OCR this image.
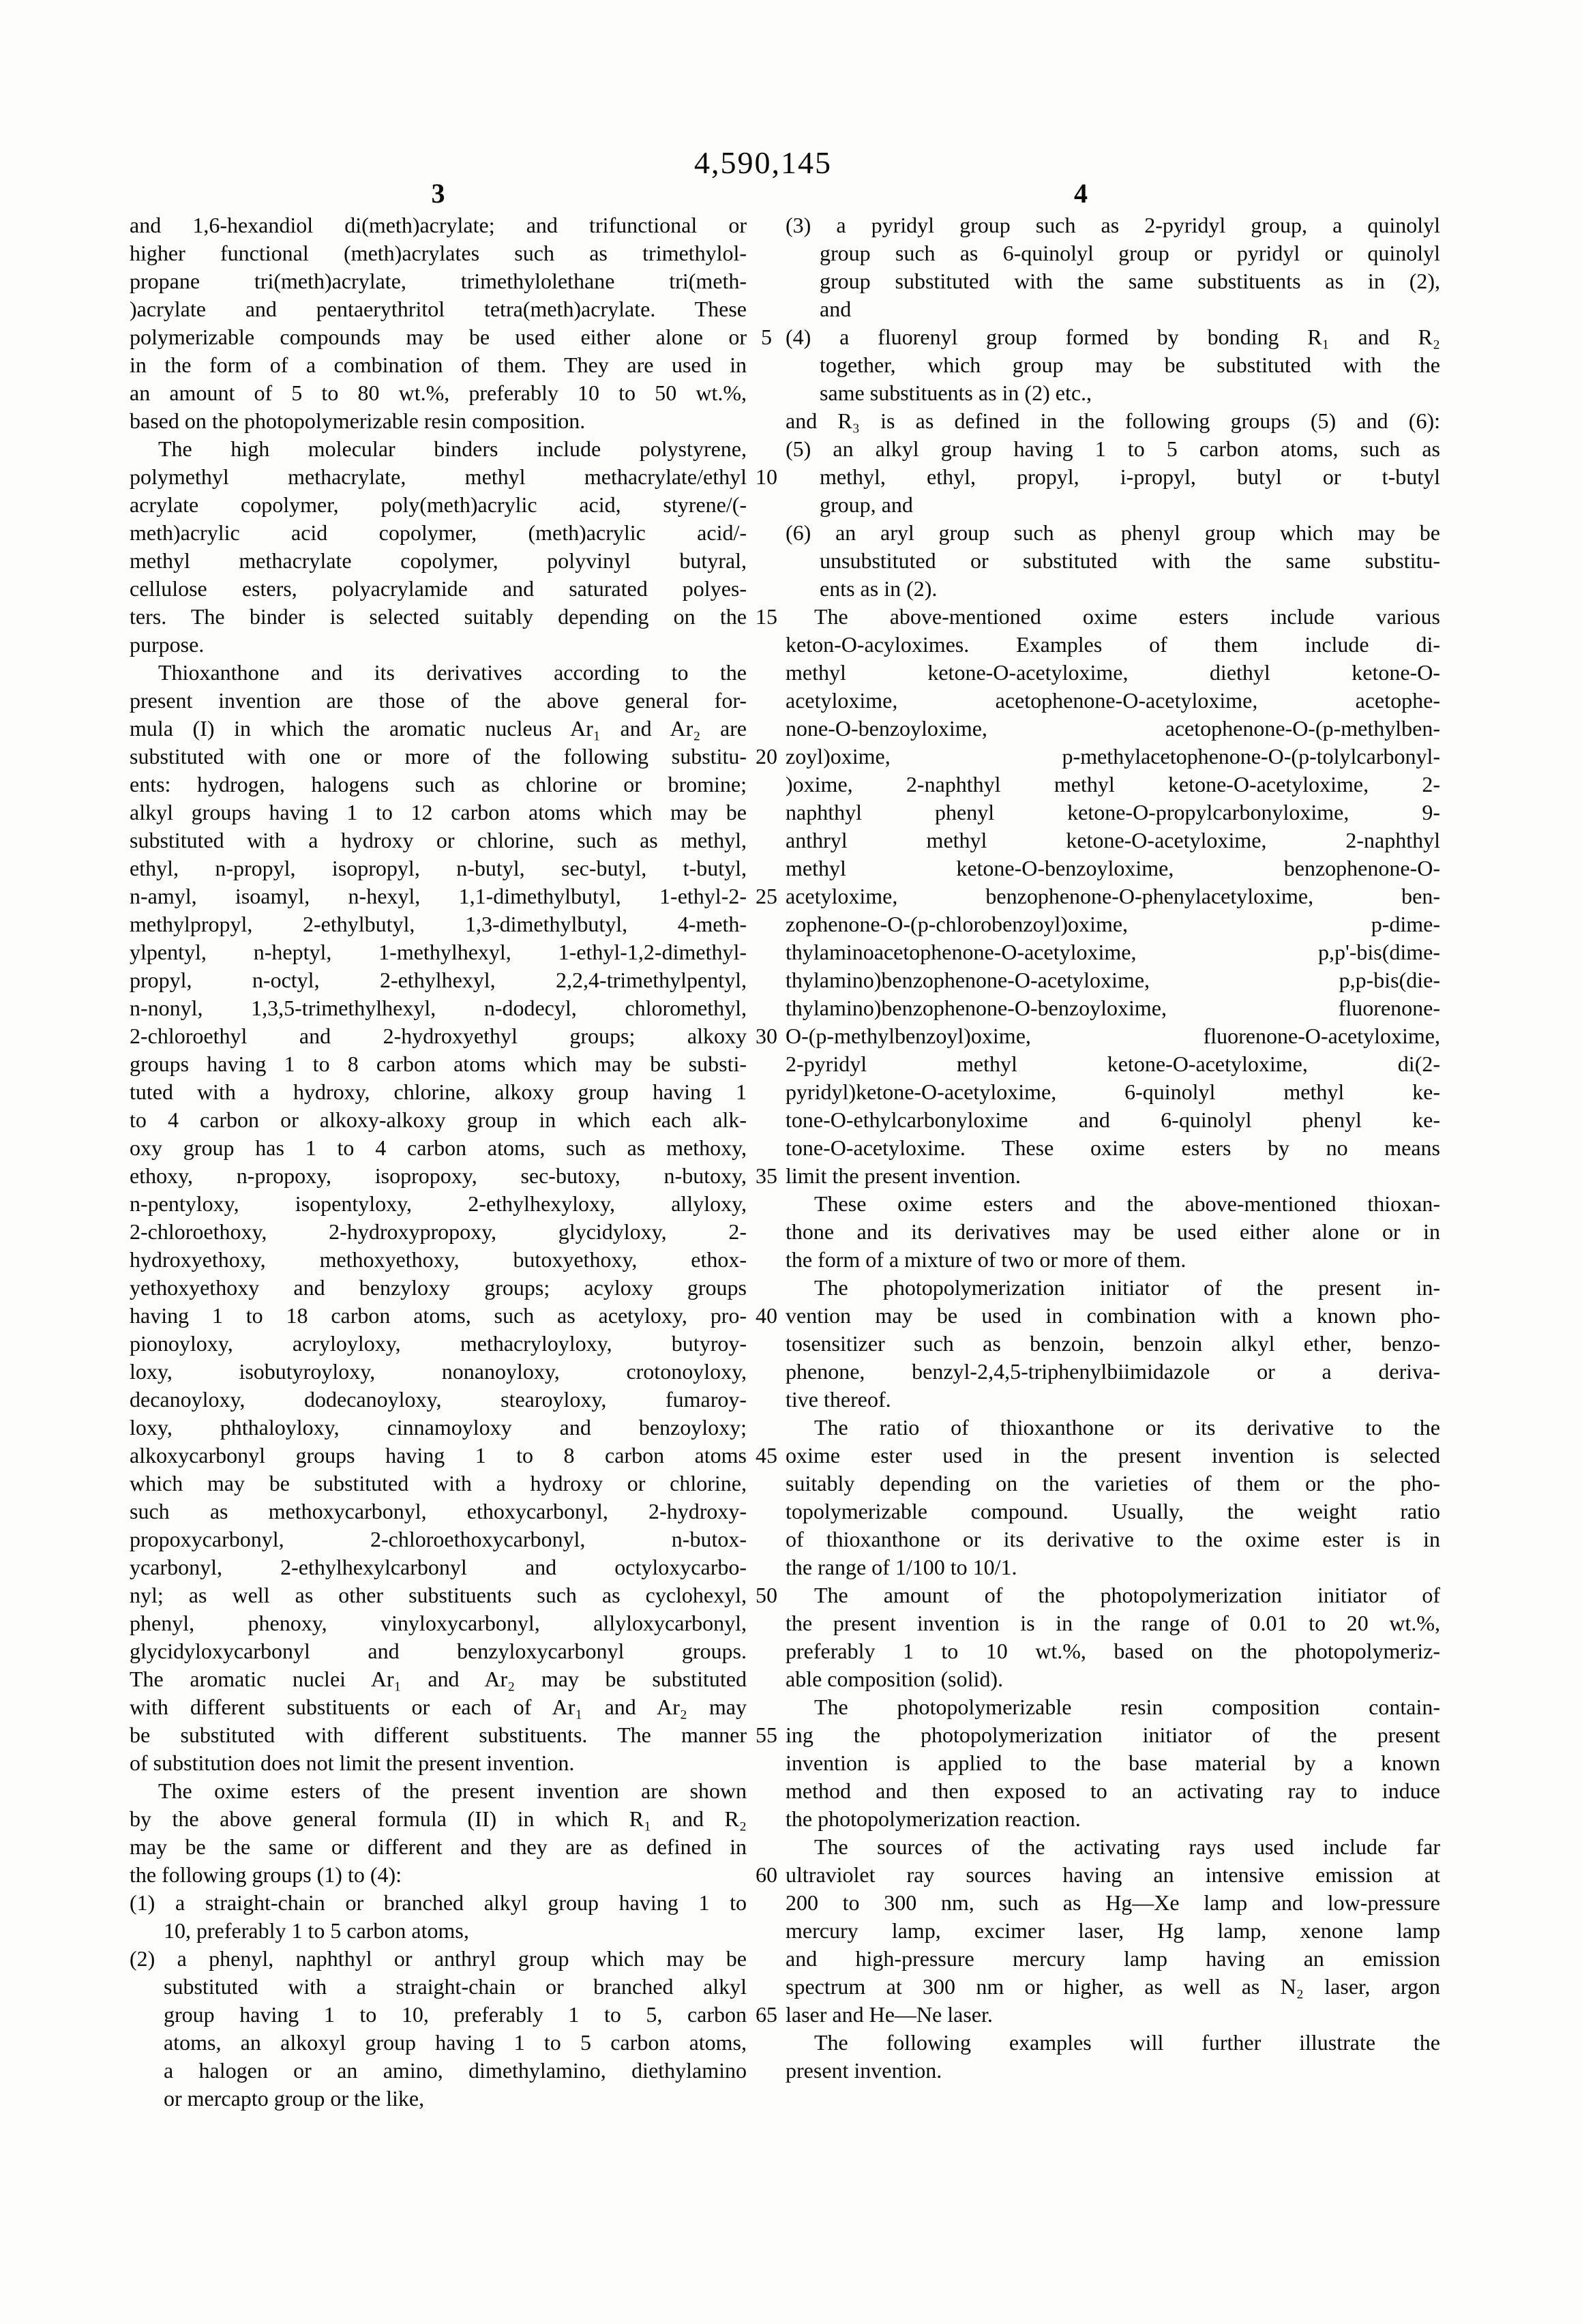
4,590,145
3	4
and 1,6-hexandiol di(meth)acrylate; and trifunctional or
higher functional (meth)acrylates such as trimethylol-
propane tri(meth)acrylate, trimethylolethane tri(meth-
)acrylate and pentaerythritol tetra(meth)acrylate. These
polymerizable compounds may be used either alone or
in the form of a combination of them. They are used in
an amount of 5 to 80 wt.%, preferably 10 to 50 wt.%,
based on the photopolymerizable resin composition.
The high molecular binders include polystyrene,
polymethyl methacrylate, methyl methacrylate/ethyl
acrylate copolymer, poly(meth)acrylic acid, styrene/(-
meth)acrylic acid copolymer, (meth)acrylic acid/-
methyl methacrylate copolymer, polyvinyl butyral,
cellulose esters, polyacrylamide and saturated polyes-
ters. The binder is selected suitably depending on the
purpose.
Thioxanthone and its derivatives according to the
present invention are those of the above general for-
mula (I) in which the aromatic nucleus Ar₁ and Ar₂ are
substituted with one or more of the following substitu-
ents: hydrogen, halogens such as chlorine or bromine;
alkyl groups having 1 to 12 carbon atoms which may be
substituted with a hydroxy or chlorine, such as methyl,
ethyl, n-propyl, isopropyl, n-butyl, sec-butyl, t-butyl,
n-amyl, isoamyl, n-hexyl, 1,1-dimethylbutyl, 1-ethyl-2-
methylpropyl, 2-ethylbutyl, 1,3-dimethylbutyl, 4-meth-
ylpentyl, n-heptyl, 1-methylhexyl, 1-ethyl-1,2-dimethyl-
propyl, n-octyl, 2-ethylhexyl, 2,2,4-trimethylpentyl,
n-nonyl, 1,3,5-trimethylhexyl, n-dodecyl, chloromethyl,
2-chloroethyl and 2-hydroxyethyl groups; alkoxy
groups having 1 to 8 carbon atoms which may be substi-
tuted with a hydroxy, chlorine, alkoxy group having 1
to 4 carbon or alkoxy-alkoxy group in which each alk-
oxy group has 1 to 4 carbon atoms, such as methoxy,
ethoxy, n-propoxy, isopropoxy, sec-butoxy, n-butoxy,
n-pentyloxy, isopentyloxy, 2-ethylhexyloxy, allyloxy,
2-chloroethoxy, 2-hydroxypropoxy, glycidyloxy, 2-
hydroxyethoxy, methoxyethoxy, butoxyethoxy, ethox-
yethoxyethoxy and benzyloxy groups; acyloxy groups
having 1 to 18 carbon atoms, such as acetyloxy, pro-
pionoyloxy, acryloyloxy, methacryloyloxy, butyroy-
loxy, isobutyroyloxy, nonanoyloxy, crotonoyloxy,
decanoyloxy, dodecanoyloxy, stearoyloxy, fumaroy-
loxy, phthaloyloxy, cinnamoyloxy and benzoyloxy;
alkoxycarbonyl groups having 1 to 8 carbon atoms
which may be substituted with a hydroxy or chlorine,
such as methoxycarbonyl, ethoxycarbonyl, 2-hydroxy-
propoxycarbonyl, 2-chloroethoxycarbonyl, n-butox-
ycarbonyl, 2-ethylhexylcarbonyl and octyloxycarbo-
nyl; as well as other substituents such as cyclohexyl,
phenyl, phenoxy, vinyloxycarbonyl, allyloxycarbonyl,
glycidyloxycarbonyl and benzyloxycarbonyl groups.
The aromatic nuclei Ar₁ and Ar₂ may be substituted
with different substituents or each of Ar₁ and Ar₂ may
be substituted with different substituents. The manner
of substitution does not limit the present invention.
The oxime esters of the present invention are shown
by the above general formula (II) in which R₁ and R₂
may be the same or different and they are as defined in
the following groups (1) to (4):
(1) a straight-chain or branched alkyl group having 1 to
10, preferably 1 to 5 carbon atoms,
(2) a phenyl, naphthyl or anthryl group which may be
substituted with a straight-chain or branched alkyl
group having 1 to 10, preferably 1 to 5, carbon
atoms, an alkoxyl group having 1 to 5 carbon atoms,
a halogen or an amino, dimethylamino, diethylamino
or mercapto group or the like,
5
10
15
20
25
30
35
40
45
50
55
60
65
(3) a pyridyl group such as 2-pyridyl group, a quinolyl
group such as 6-quinolyl group or pyridyl or quinolyl
group substituted with the same substituents as in (2),
and
(4) a fluorenyl group formed by bonding R₁ and R₂
together, which group may be substituted with the
same substituents as in (2) etc.,
and R₃ is as defined in the following groups (5) and (6):
(5) an alkyl group having 1 to 5 carbon atoms, such as
methyl, ethyl, propyl, i-propyl, butyl or t-butyl
group, and
(6) an aryl group such as phenyl group which may be
unsubstituted or substituted with the same substitu-
ents as in (2).
The above-mentioned oxime esters include various
keton-O-acyloximes. Examples of them include di-
methyl ketone-O-acetyloxime, diethyl ketone-O-
acetyloxime, acetophenone-O-acetyloxime, acetophe-
none-O-benzoyloxime, acetophenone-O-(p-methylben-
zoyl)oxime, p-methylacetophenone-O-(p-tolylcarbonyl-
)oxime, 2-naphthyl methyl ketone-O-acetyloxime, 2-
naphthyl phenyl ketone-O-propylcarbonyloxime, 9-
anthryl methyl ketone-O-acetyloxime, 2-naphthyl
methyl ketone-O-benzoyloxime, benzophenone-O-
acetyloxime, benzophenone-O-phenylacetyloxime, ben-
zophenone-O-(p-chlorobenzoyl)oxime, p-dime-
thylaminoacetophenone-O-acetyloxime, p,p'-bis(dime-
thylamino)benzophenone-O-acetyloxime, p,p-bis(die-
thylamino)benzophenone-O-benzoyloxime, fluorenone-
O-(p-methylbenzoyl)oxime, fluorenone-O-acetyloxime,
2-pyridyl methyl ketone-O-acetyloxime, di(2-
pyridyl)ketone-O-acetyloxime, 6-quinolyl methyl ke-
tone-O-ethylcarbonyloxime and 6-quinolyl phenyl ke-
tone-O-acetyloxime. These oxime esters by no means
limit the present invention.
These oxime esters and the above-mentioned thioxan-
thone and its derivatives may be used either alone or in
the form of a mixture of two or more of them.
The photopolymerization initiator of the present in-
vention may be used in combination with a known pho-
tosensitizer such as benzoin, benzoin alkyl ether, benzo-
phenone, benzyl-2,4,5-triphenylbiimidazole or a deriva-
tive thereof.
The ratio of thioxanthone or its derivative to the
oxime ester used in the present invention is selected
suitably depending on the varieties of them or the pho-
topolymerizable compound. Usually, the weight ratio
of thioxanthone or its derivative to the oxime ester is in
the range of 1/100 to 10/1.
The amount of the photopolymerization initiator of
the present invention is in the range of 0.01 to 20 wt.%,
preferably 1 to 10 wt.%, based on the photopolymeriz-
able composition (solid).
The photopolymerizable resin composition contain-
ing the photopolymerization initiator of the present
invention is applied to the base material by a known
method and then exposed to an activating ray to induce
the photopolymerization reaction.
The sources of the activating rays used include far
ultraviolet ray sources having an intensive emission at
200 to 300 nm, such as Hg—Xe lamp and low-pressure
mercury lamp, excimer laser, Hg lamp, xenone lamp
and high-pressure mercury lamp having an emission
spectrum at 300 nm or higher, as well as N₂ laser, argon
laser and He—Ne laser.
The following examples will further illustrate the
present invention.
